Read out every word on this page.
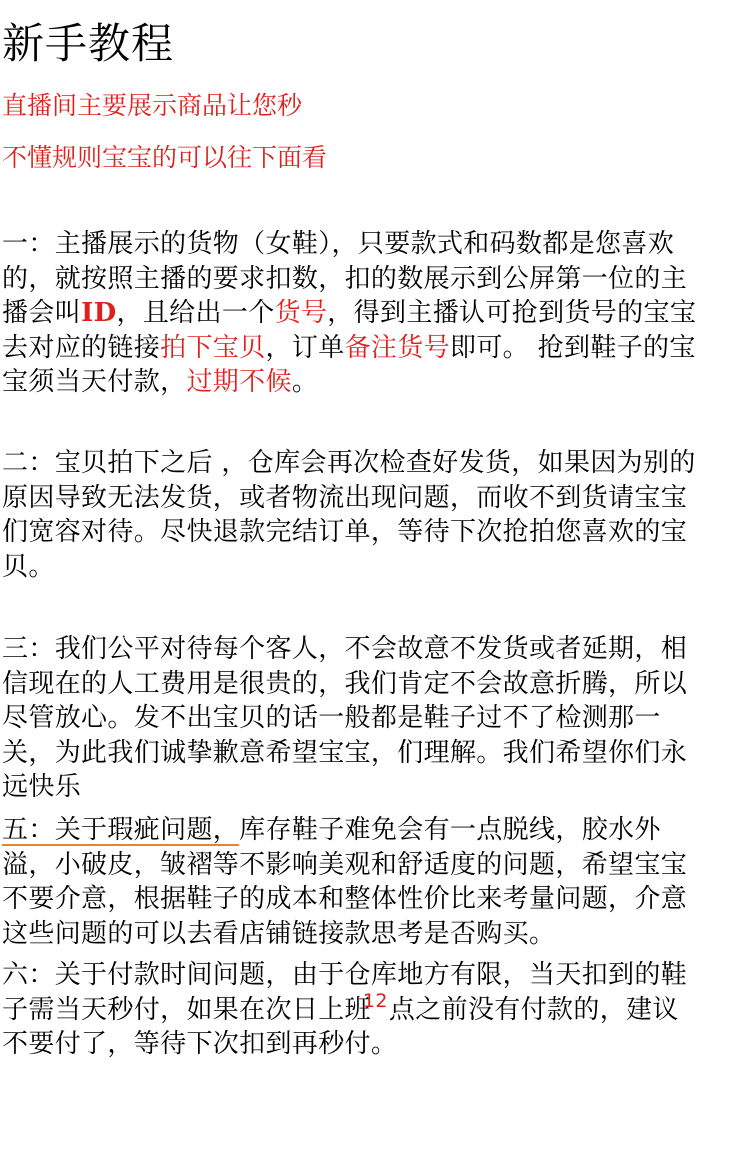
新手教程

直播间主要展示商品让您秒

不懂规则宝宝的可以往下面看

一：主播展示的货物（女鞋），只要款式和码数都是您喜欢
的，就按照主播的要求扣数，扣的数展示到公屏第一位的主
播会叫ID，且给出一个货号，得到主播认可抢到货号的宝宝
去对应的链接拍下宝贝，订单备注货号即可。 抢到鞋子的宝
宝须当天付款，过期不候。
二：宝贝拍下之后 ，仓库会再次检查好发货，如果因为别的
原因导致无法发货，或者物流出现问题，而收不到货请宝宝
们宽容对待。尽快退款完结订单，等待下次抢拍您喜欢的宝
贝。
三：我们公平对待每个客人，不会故意不发货或者延期，相
信现在的人工费用是很贵的，我们肯定不会故意折腾，所以
尽管放心。发不出宝贝的话一般都是鞋子过不了检测那一
关，为此我们诚挚歉意希望宝宝，们理解。我们希望你们永
远快乐
五：关于瑕疵问题，库存鞋子难免会有一点脱线，胶水外
溢，小破皮，皱褶等不影响美观和舒适度的问题，希望宝宝
不要介意，根据鞋子的成本和整体性价比来考量问题，介意
这些问题的可以去看店铺链接款思考是否购买。
六：关于付款时间问题，由于仓库地方有限，当天扣到的鞋
子需当天秒付，如果在次日上班
12 点之前没有付款的，建议
不要付了，等待下次扣到再秒付。
